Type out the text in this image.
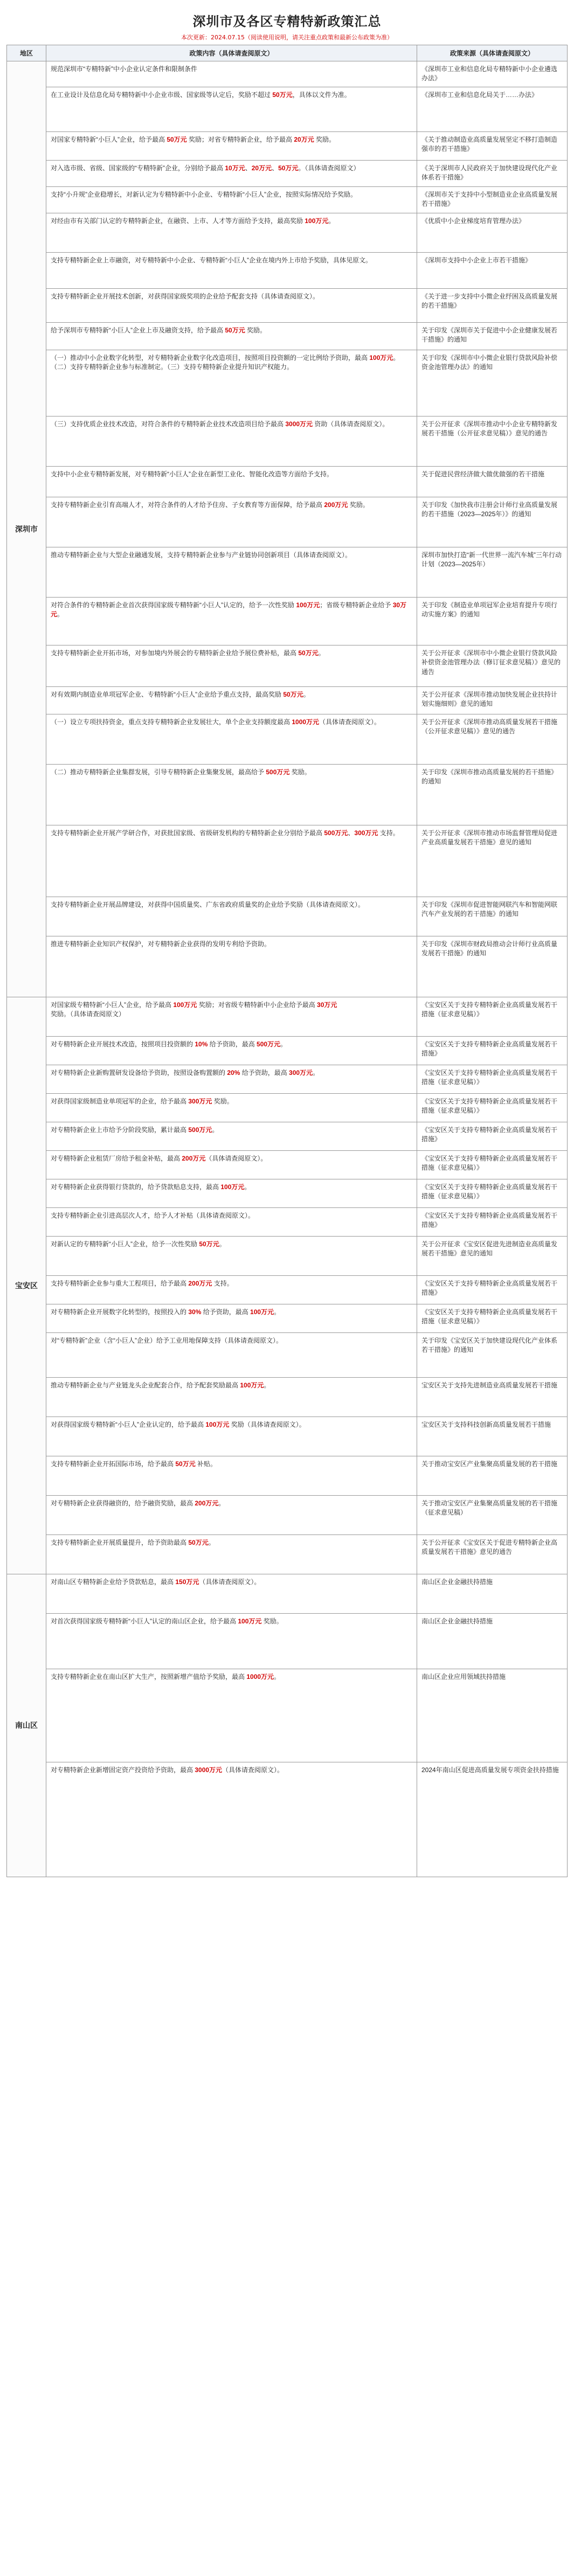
深圳市及各区专精特新政策汇总
本次更新：2024.07.15（阅读使用说明，请关注重点政策和最新公布政策为准）
地区	政策内容（具体请查阅原文）	政策来源（具体请查阅原文）
深圳市	规范深圳市“专精特新”中小企业认定条件和限制条件	《深圳市工业和信息化局专精特新中小企业遴选办法》
	在工业设计及信息化局专精特新中小企业市级、国家级等认定后，奖励不超过 50万元，具体以文件为准。	《深圳市工业和信息化局关于……办法》
	对国家专精特新“小巨人”企业，给予最高 50万元 奖励；对省专精特新企业，给予最高 20万元 奖励。	《关于推动制造业高质量发展坚定不移打造制造强市的若干措施》
	对入选市级、省级、国家级的“专精特新”企业，分别给予最高 10万元、20万元、50万元。（具体请查阅原文）	《关于深圳市人民政府关于加快建设现代化产业体系若干措施》
	支持“小升规”企业稳增长，对新认定为专精特新中小企业、专精特新“小巨人”企业，按照实际情况给予奖励。	《深圳市关于支持中小型制造业企业高质量发展若干措施》
	对经由市有关部门认定的专精特新企业，在融资、上市、人才等方面给予支持，最高奖励 100万元。	《优质中小企业梯度培育管理办法》
	支持专精特新企业上市融资，对专精特新中小企业、专精特新“小巨人”企业在境内外上市给予奖励，具体见原文。	《深圳市支持中小企业上市若干措施》
	支持专精特新企业开展技术创新，对获得国家级奖项的企业给予配套支持（具体请查阅原文）。	《关于进一步支持中小微企业纾困及高质量发展的若干措施》
	给予深圳市专精特新“小巨人”企业上市及融资支持，给予最高 50万元 奖励。	关于印发《深圳市关于促进中小企业健康发展若干措施》的通知
	（一）推动中小企业数字化转型，对专精特新企业数字化改造项目，按照项目投资额的一定比例给予资助，最高 100万元。（二）支持专精特新企业参与标准制定。（三）支持专精特新企业提升知识产权能力。	关于印发《深圳市中小微企业银行贷款风险补偿资金池管理办法》的通知
	（三）支持优质企业技术改造，对符合条件的专精特新企业技术改造项目给予最高 3000万元 资助（具体请查阅原文）。	关于公开征求《深圳市推动中小企业专精特新发展若干措施（公开征求意见稿）》意见的通告
	支持中小企业专精特新发展，对专精特新“小巨人”企业在新型工业化、智能化改造等方面给予支持。	关于促进民营经济做大做优做强的若干措施
	支持专精特新企业引育高端人才，对符合条件的人才给予住房、子女教育等方面保障，给予最高 200万元 奖励。	关于印发《加快我市注册会计师行业高质量发展的若干措施（2023—2025年）》的通知
	推动专精特新企业与大型企业融通发展，支持专精特新企业参与产业链协同创新项目（具体请查阅原文）。	深圳市加快打造“新一代世界一流汽车城”三年行动计划（2023—2025年）
	对符合条件的专精特新企业首次获得国家级专精特新“小巨人”认定的，给予一次性奖励 100万元；省级专精特新企业给予 30万元。	关于印发《制造业单项冠军企业培育提升专项行动实施方案》的通知
	支持专精特新企业开拓市场，对参加境内外展会的专精特新企业给予展位费补贴，最高 50万元。	关于公开征求《深圳市中小微企业银行贷款风险补偿资金池管理办法（修订征求意见稿）》意见的通告
	对有效期内制造业单项冠军企业、专精特新“小巨人”企业给予重点支持，最高奖励 50万元。	关于公开征求《深圳市推动加快发展企业扶持计划实施细则》意见的通知
	（一）设立专项扶持资金，重点支持专精特新企业发展壮大，单个企业支持额度最高 1000万元（具体请查阅原文）。	关于公开征求《深圳市推动高质量发展若干措施（公开征求意见稿）》意见的通告
	（二）推动专精特新企业集群发展，引导专精特新企业集聚发展，最高给予 500万元 奖励。	关于印发《深圳市推动高质量发展的若干措施》的通知
	支持专精特新企业开展产学研合作，对获批国家级、省级研发机构的专精特新企业分别给予最高 500万元、300万元 支持。	关于公开征求《深圳市推动市场监督管理局促进产业高质量发展若干措施》意见的通知
	支持专精特新企业开展品牌建设，对获得中国质量奖、广东省政府质量奖的企业给予奖励（具体请查阅原文）。	关于印发《深圳市促进智能网联汽车和智能网联汽车产业发展的若干措施》的通知
	推进专精特新企业知识产权保护，对专精特新企业获得的发明专利给予资助。	关于印发《深圳市财政局推动会计师行业高质量发展若干措施》的通知
宝安区	对国家级专精特新“小巨人”企业，给予最高 100万元 奖励；对省级专精特新中小企业给予最高 30万元 奖励。（具体请查阅原文）	《宝安区关于支持专精特新企业高质量发展若干措施（征求意见稿）》
	对专精特新企业开展技术改造，按照项目投资额的 10% 给予资助，最高 500万元。	《宝安区关于支持专精特新企业高质量发展若干措施》
	对专精特新企业新购置研发设备给予资助，按照设备购置额的 20% 给予资助，最高 300万元。	《宝安区关于支持专精特新企业高质量发展若干措施（征求意见稿）》
	对获得国家级制造业单项冠军的企业，给予最高 300万元 奖励。	《宝安区关于支持专精特新企业高质量发展若干措施（征求意见稿）》
	对专精特新企业上市给予分阶段奖励，累计最高 500万元。	《宝安区关于支持专精特新企业高质量发展若干措施》
	对专精特新企业租赁厂房给予租金补贴，最高 200万元（具体请查阅原文）。	《宝安区关于支持专精特新企业高质量发展若干措施（征求意见稿）》
	对专精特新企业获得银行贷款的，给予贷款贴息支持，最高 100万元。	《宝安区关于支持专精特新企业高质量发展若干措施（征求意见稿）》
	支持专精特新企业引进高层次人才，给予人才补贴（具体请查阅原文）。	《宝安区关于支持专精特新企业高质量发展若干措施》
	对新认定的专精特新“小巨人”企业，给予一次性奖励 50万元。	关于公开征求《宝安区促进先进制造业高质量发展若干措施》意见的通知
	支持专精特新企业参与重大工程项目，给予最高 200万元 支持。	《宝安区关于支持专精特新企业高质量发展若干措施》
	对专精特新企业开展数字化转型的，按照投入的 30% 给予资助，最高 100万元。	《宝安区关于支持专精特新企业高质量发展若干措施（征求意见稿）》
	对“专精特新”企业（含“小巨人”企业）给予工业用地保障支持（具体请查阅原文）。	关于印发《宝安区关于加快建设现代化产业体系若干措施》的通知
	推动专精特新企业与产业链龙头企业配套合作，给予配套奖励最高 100万元。	宝安区关于支持先进制造业高质量发展若干措施
	对获得国家级专精特新“小巨人”企业认定的，给予最高 100万元 奖励（具体请查阅原文）。	宝安区关于支持科技创新高质量发展若干措施
	支持专精特新企业开拓国际市场，给予最高 50万元 补贴。	关于推动宝安区产业集聚高质量发展的若干措施
	对专精特新企业获得融资的，给予融资奖励，最高 200万元。	关于推动宝安区产业集聚高质量发展的若干措施（征求意见稿）
	支持专精特新企业开展质量提升，给予资助最高 50万元。	关于公开征求《宝安区关于促进专精特新企业高质量发展若干措施》意见的通告
南山区	对南山区专精特新企业给予贷款贴息，最高 150万元（具体请查阅原文）。	南山区企业金融扶持措施
	对首次获得国家级专精特新“小巨人”认定的南山区企业，给予最高 100万元 奖励。	南山区企业金融扶持措施
	支持专精特新企业在南山区扩大生产，按照新增产值给予奖励，最高 1000万元。	南山区企业应用领域扶持措施
	对专精特新企业新增固定资产投资给予资助，最高 3000万元（具体请查阅原文）。	2024年南山区促进高质量发展专项资金扶持措施
